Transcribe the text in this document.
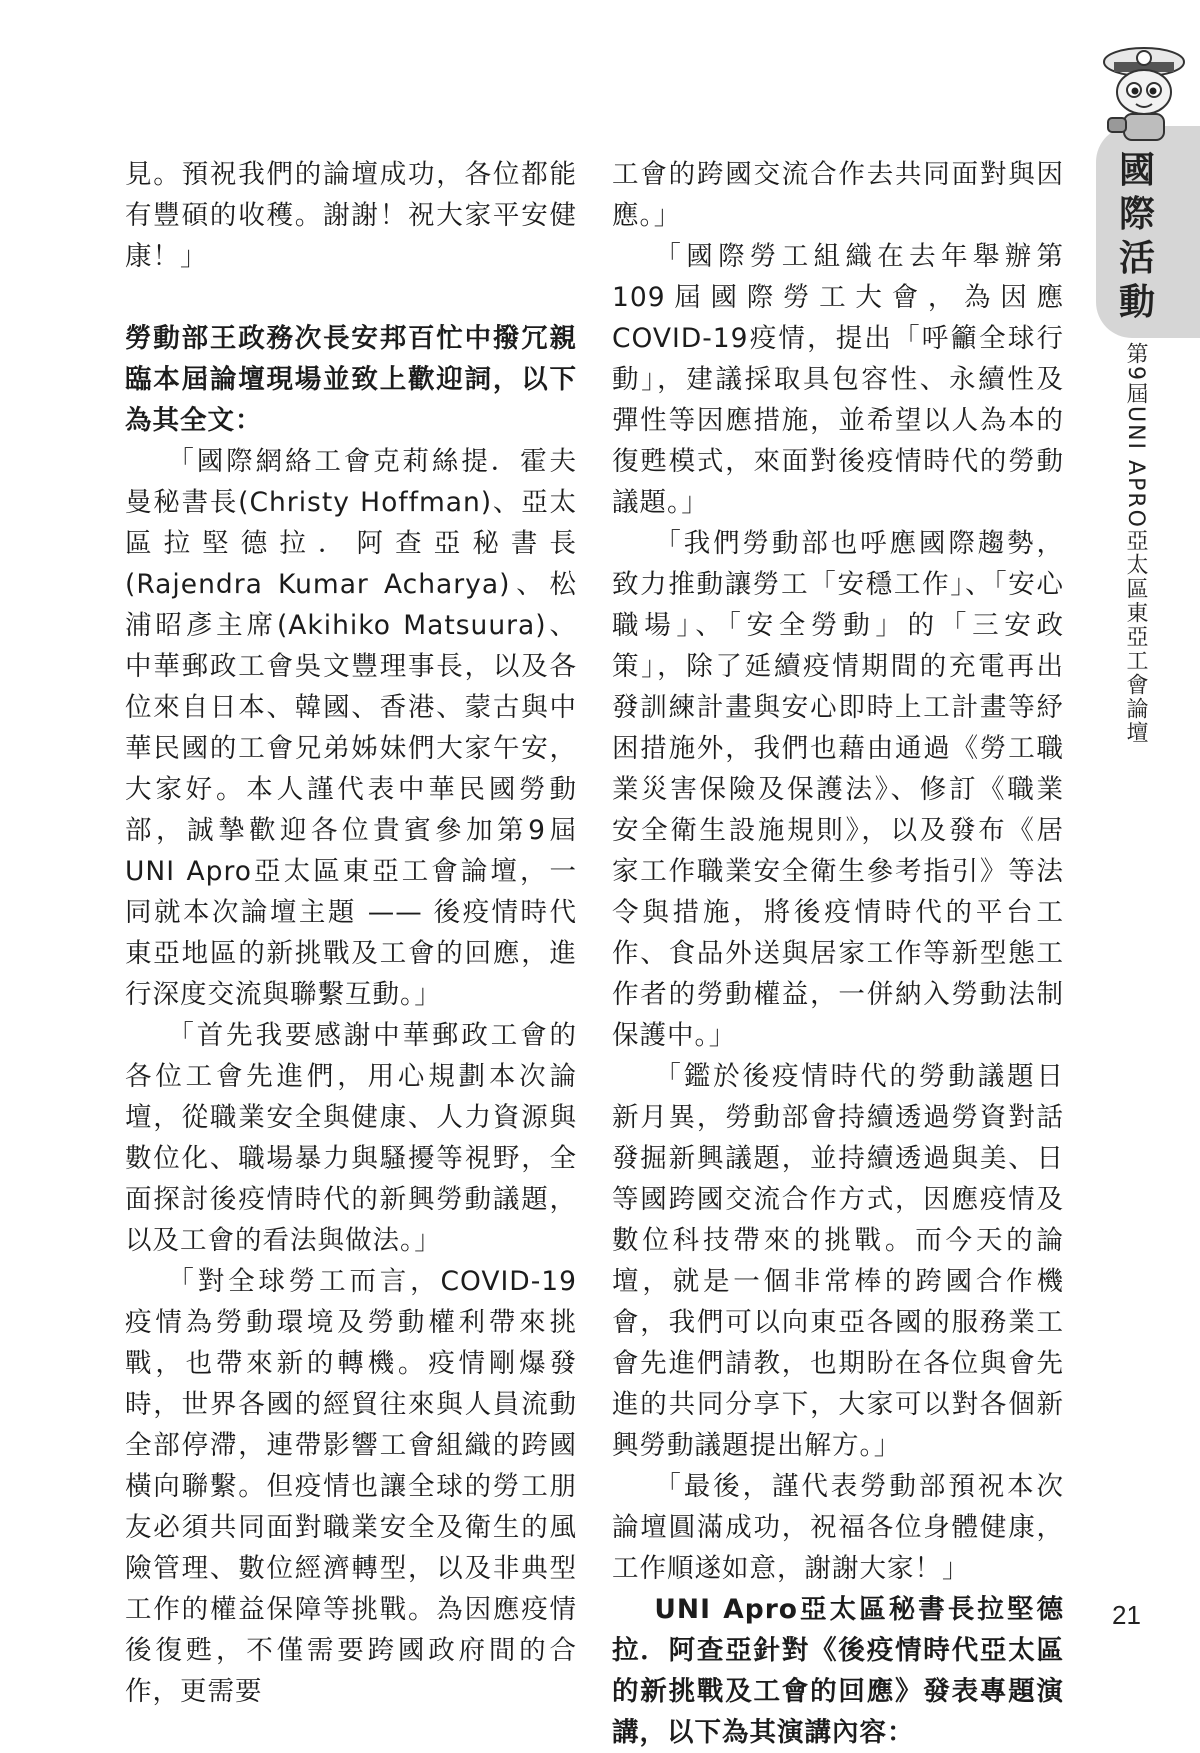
國
際
活
動
第9屆UNI APRO亞太區東亞工會論壇

見。預祝我們的論壇成功，各位都能有豐碩的收穫。謝謝！祝大家平安健康！」

勞動部王政務次長安邦百忙中撥冗親臨本屆論壇現場並致上歡迎詞，以下為其全文：

「國際網絡工會克莉絲提．霍夫曼秘書長(Christy Hoffman)、亞太區拉堅德拉．阿查亞秘書長(Rajendra Kumar Acharya)、松浦昭彥主席(Akihiko Matsuura)、中華郵政工會吳文豐理事長，以及各位來自日本、韓國、香港、蒙古與中華民國的工會兄弟姊妹們大家午安，大家好。本人謹代表中華民國勞動部，誠摯歡迎各位貴賓參加第9屆UNI Apro亞太區東亞工會論壇，一同就本次論壇主題 —— 後疫情時代東亞地區的新挑戰及工會的回應，進行深度交流與聯繫互動。」

「首先我要感謝中華郵政工會的各位工會先進們，用心規劃本次論壇，從職業安全與健康、人力資源與數位化、職場暴力與騷擾等視野，全面探討後疫情時代的新興勞動議題，以及工會的看法與做法。」

「對全球勞工而言，COVID-19疫情為勞動環境及勞動權利帶來挑戰，也帶來新的轉機。疫情剛爆發時，世界各國的經貿往來與人員流動全部停滯，連帶影響工會組織的跨國橫向聯繫。但疫情也讓全球的勞工朋友必須共同面對職業安全及衛生的風險管理、數位經濟轉型，以及非典型工作的權益保障等挑戰。為因應疫情後復甦，不僅需要跨國政府間的合作，更需要

工會的跨國交流合作去共同面對與因應。」

「國際勞工組織在去年舉辦第109屆國際勞工大會，為因應COVID-19疫情，提出「呼籲全球行動」，建議採取具包容性、永續性及彈性等因應措施，並希望以人為本的復甦模式，來面對後疫情時代的勞動議題。」

「我們勞動部也呼應國際趨勢，致力推動讓勞工「安穩工作」、「安心職場」、「安全勞動」的「三安政策」，除了延續疫情期間的充電再出發訓練計畫與安心即時上工計畫等紓困措施外，我們也藉由通過《勞工職業災害保險及保護法》、修訂《職業安全衛生設施規則》，以及發布《居家工作職業安全衛生參考指引》等法令與措施，將後疫情時代的平台工作、食品外送與居家工作等新型態工作者的勞動權益，一併納入勞動法制保護中。」

「鑑於後疫情時代的勞動議題日新月異，勞動部會持續透過勞資對話發掘新興議題，並持續透過與美、日等國跨國交流合作方式，因應疫情及數位科技帶來的挑戰。而今天的論壇，就是一個非常棒的跨國合作機會，我們可以向東亞各國的服務業工會先進們請教，也期盼在各位與會先進的共同分享下，大家可以對各個新興勞動議題提出解方。」

「最後，謹代表勞動部預祝本次論壇圓滿成功，祝福各位身體健康，工作順遂如意，謝謝大家！」

UNI Apro亞太區秘書長拉堅德拉．阿查亞針對《後疫情時代亞太區的新挑戰及工會的回應》發表專題演講，以下為其演講內容：

21
